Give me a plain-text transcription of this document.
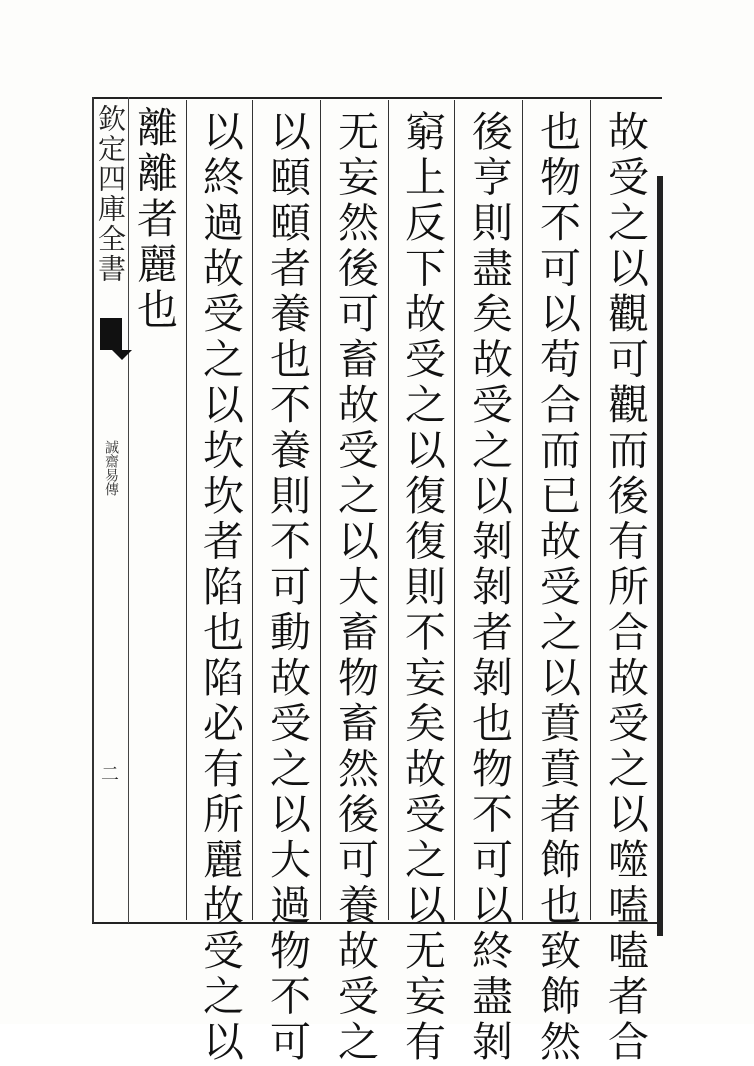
欽定四庫全書
誠齋易傳
二	故受之以觀可觀而後有所合故受之以噬嗑嗑者合
也物不可以苟合而已故受之以賁賁者飾也致飾然
後亨則盡矣故受之以剝剝者剝也物不可以終盡剝
窮上反下故受之以復復則不妄矣故受之以无妄有
无妄然後可畜故受之以大畜物畜然後可養故受之
以頤頤者養也不養則不可動故受之以大過物不可
以終過故受之以坎坎者陷也陷必有所麗故受之以
離離者麗也
